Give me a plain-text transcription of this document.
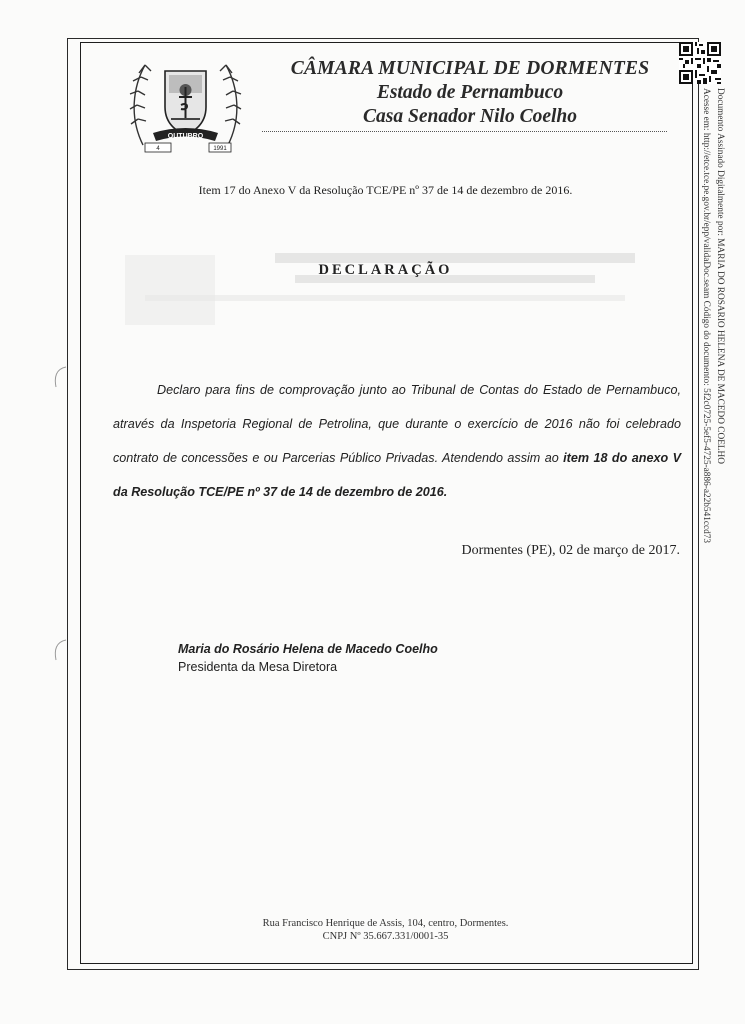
OUTUBRO
4	1991
CÂMARA MUNICIPAL DE DORMENTES
Estado de Pernambuco
Casa Senador Nilo Coelho	Documento Assinado Digitalmente por: MARIA DO ROSARIO HELENA DE MACEDO COELHO
Acesse em: http://etce.tce.pe.gov.br/epp/validaDoc.seam Código do documento: 5f2c0725-5ef5-4725-a886-a22b541ccd73
Item 17 do Anexo V da Resolução TCE/PE nº 37 de 14 de dezembro de 2016.
DECLARAÇÃO
Declaro para fins de comprovação junto ao Tribunal de Contas do Estado de Pernambuco, através da Inspetoria Regional de Petrolina, que durante o exercício de 2016 não foi celebrado contrato de concessões e ou Parcerias Público Privadas. Atendendo assim ao item 18 do anexo V da Resolução TCE/PE nº 37 de 14 de dezembro de 2016.
Dormentes (PE), 02 de março de 2017.
Maria do Rosário Helena de Macedo Coelho
Presidenta da Mesa Diretora
Rua Francisco Henrique de Assis, 104, centro, Dormentes.
CNPJ Nº 35.667.331/0001-35
